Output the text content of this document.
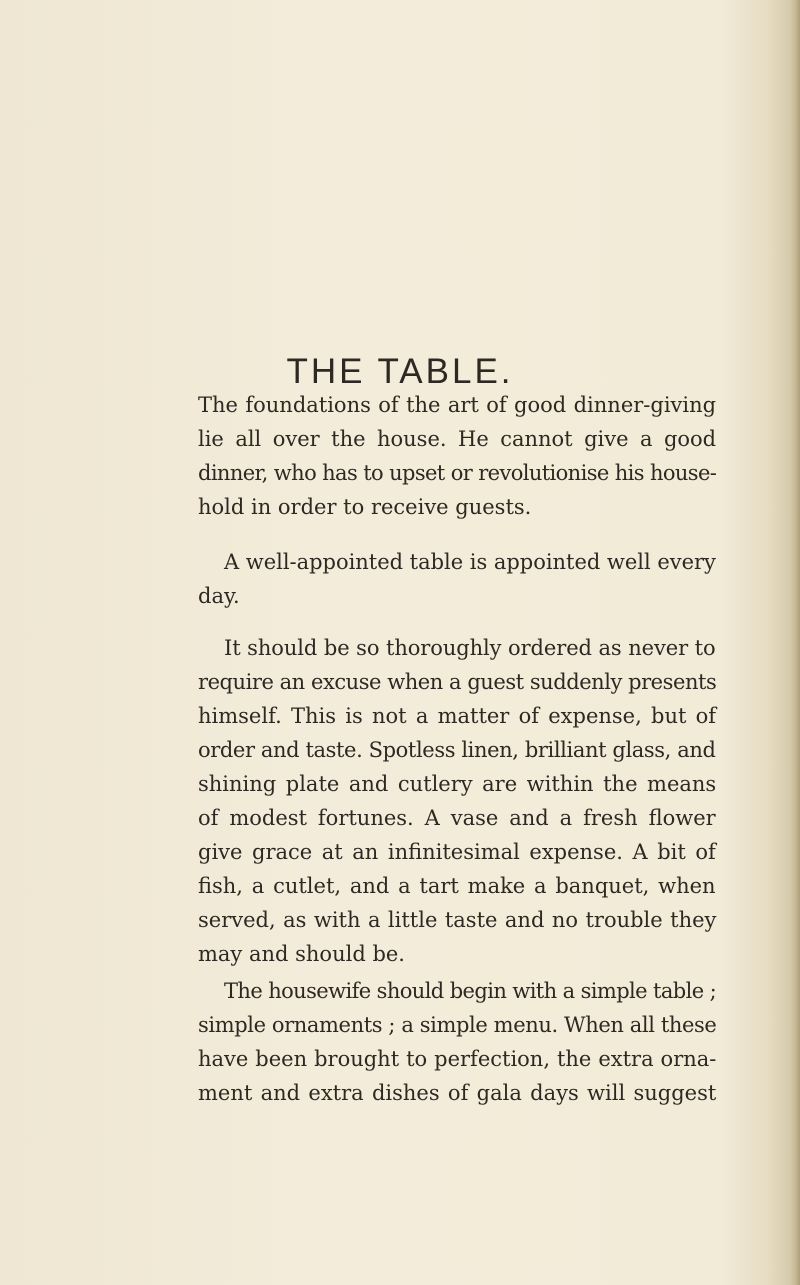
THE TABLE.
The foundations of the art of good dinner-giving
lie all over the house. He cannot give a good
dinner, who has to upset or revolutionise his house-
hold in order to receive guests.
A well-appointed table is appointed well every
day.
It should be so thoroughly ordered as never to
require an excuse when a guest suddenly presents
himself. This is not a matter of expense, but of
order and taste. Spotless linen, brilliant glass, and
shining plate and cutlery are within the means
of modest fortunes. A vase and a fresh flower
give grace at an infinitesimal expense. A bit of
fish, a cutlet, and a tart make a banquet, when
served, as with a little taste and no trouble they
may and should be.
The housewife should begin with a simple table ;
simple ornaments ; a simple menu. When all these
have been brought to perfection, the extra orna-
ment and extra dishes of gala days will suggest
